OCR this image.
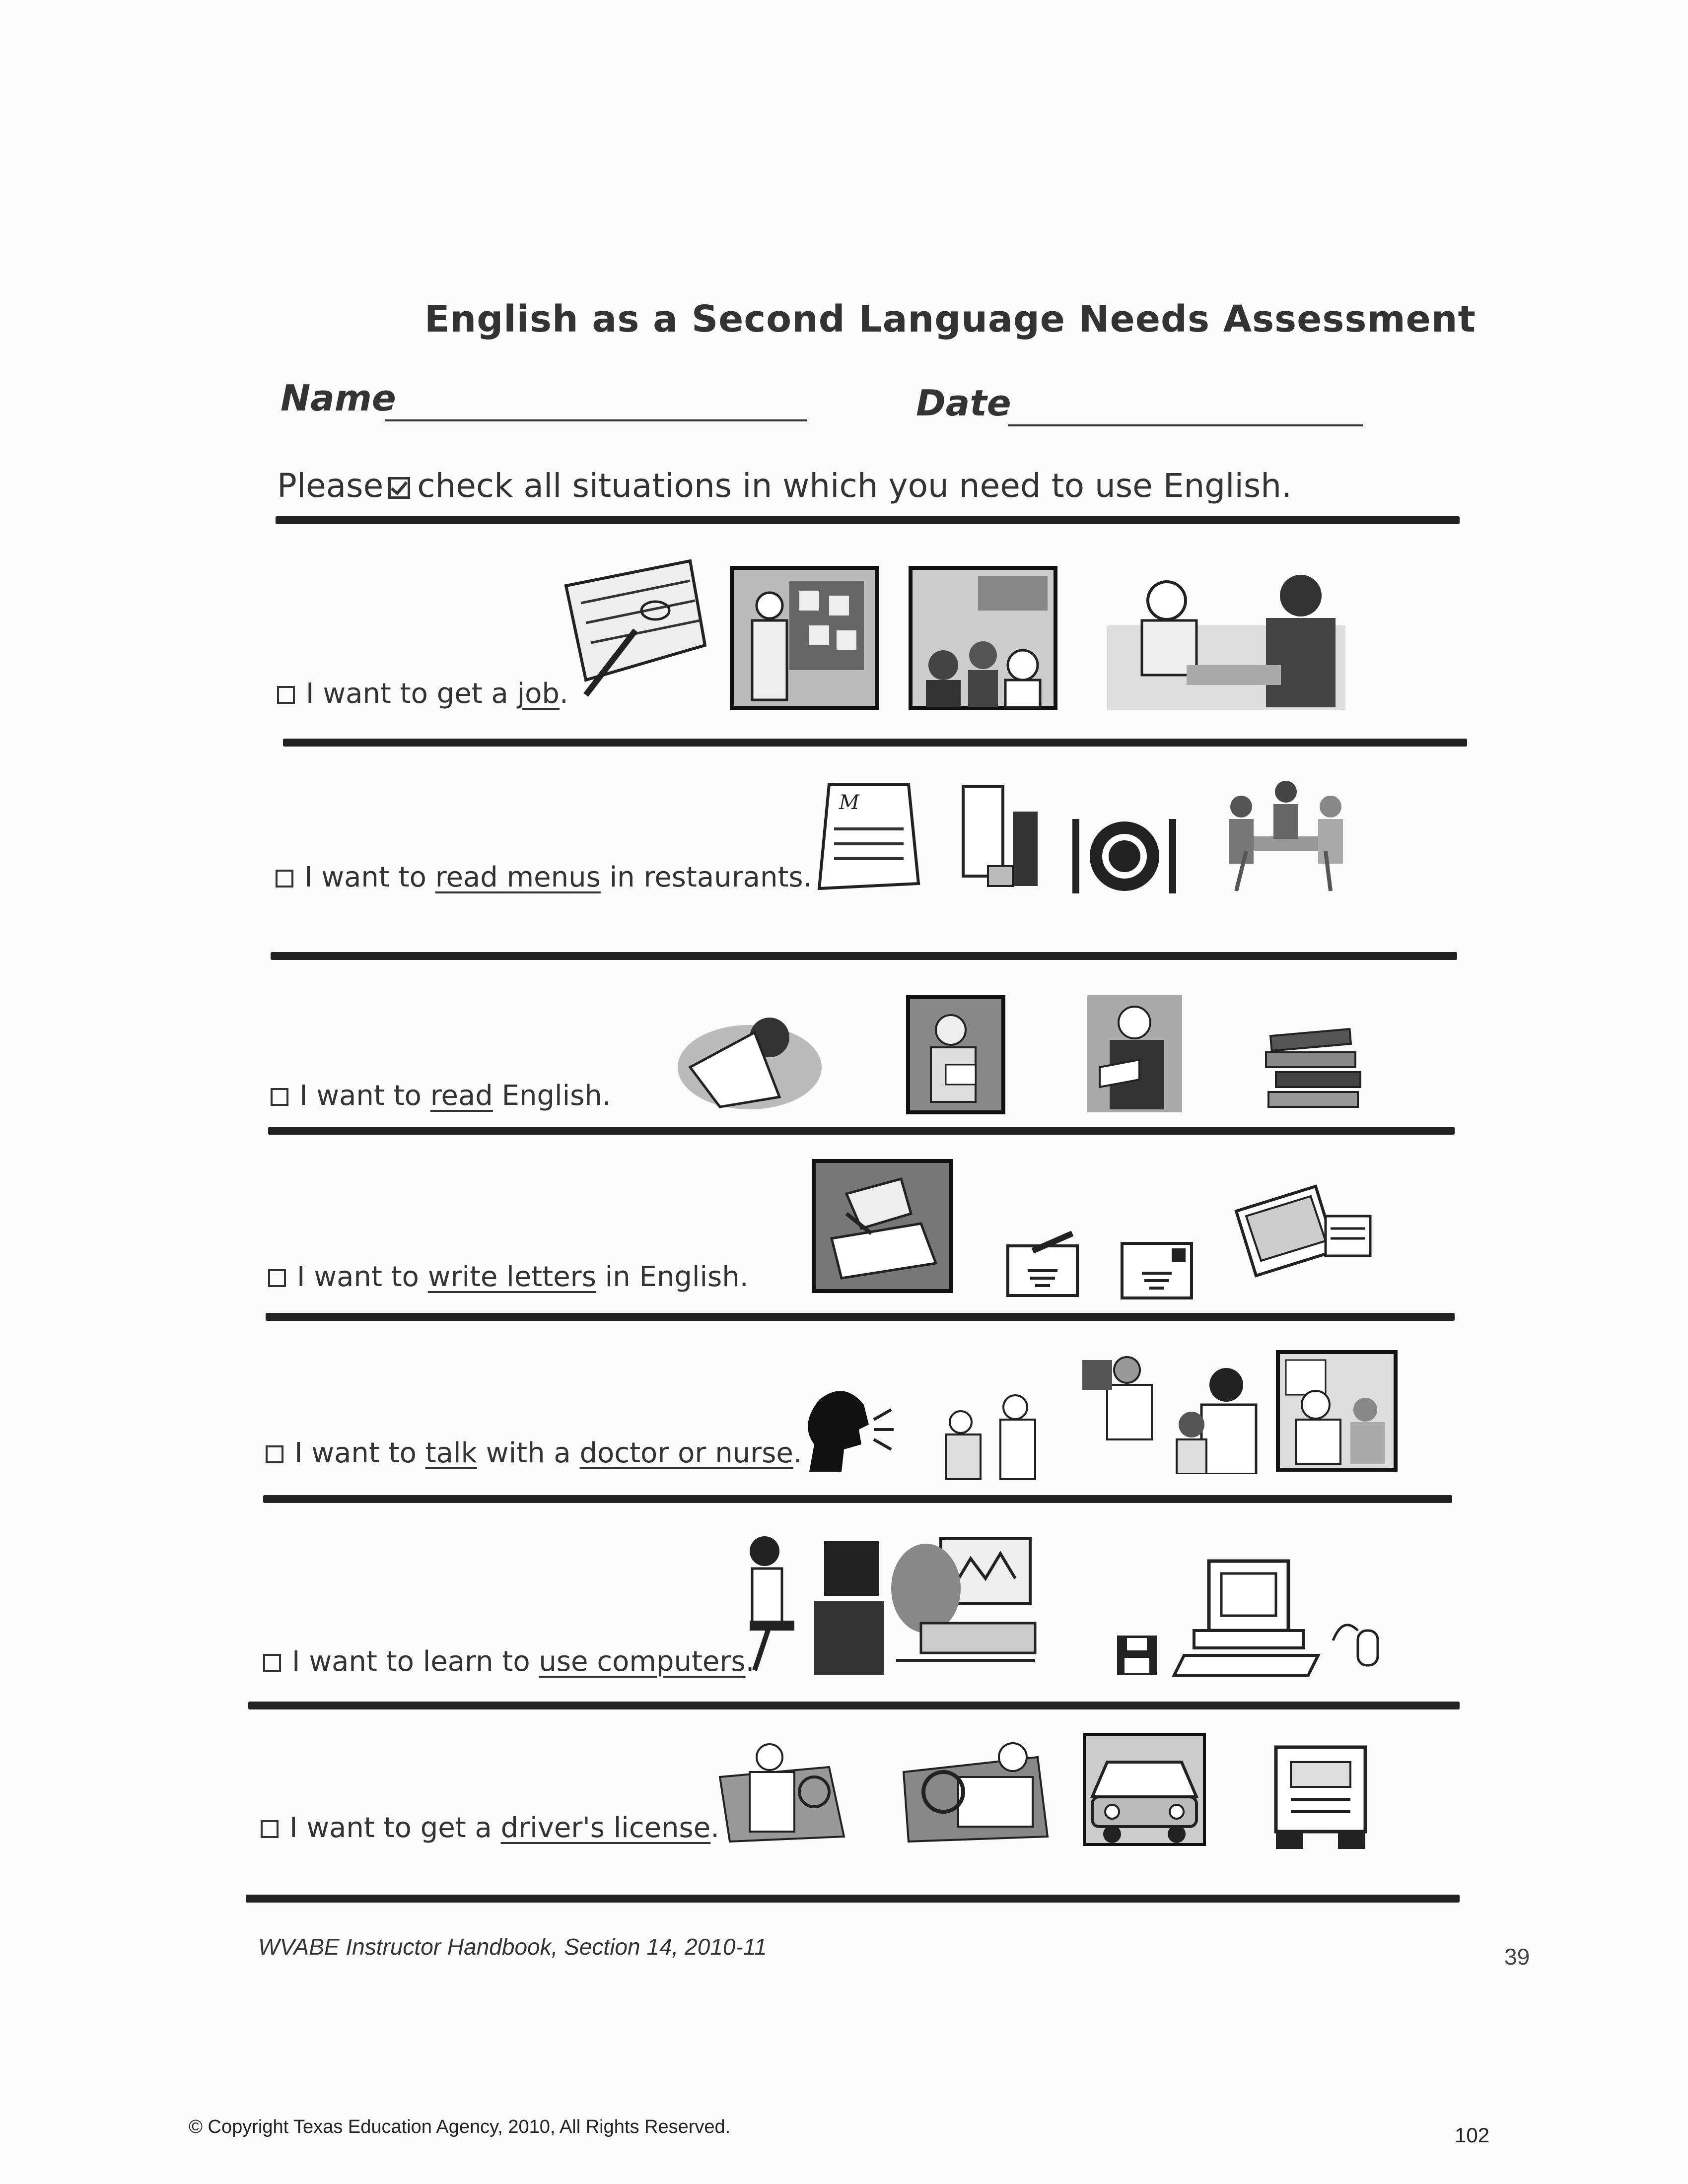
English as a Second Language Needs Assessment
Name	Date
Please check all situations in which you need to use English.
I want to get a job.
I want to read menus in restaurants.
M
I want to read English.
I want to write letters in English.
I want to talk with a doctor or nurse.
I want to learn to use computers.
I want to get a driver's license.
WVABE Instructor Handbook, Section 14, 2010-11	39
© Copyright Texas Education Agency, 2010, All Rights Reserved.	102
